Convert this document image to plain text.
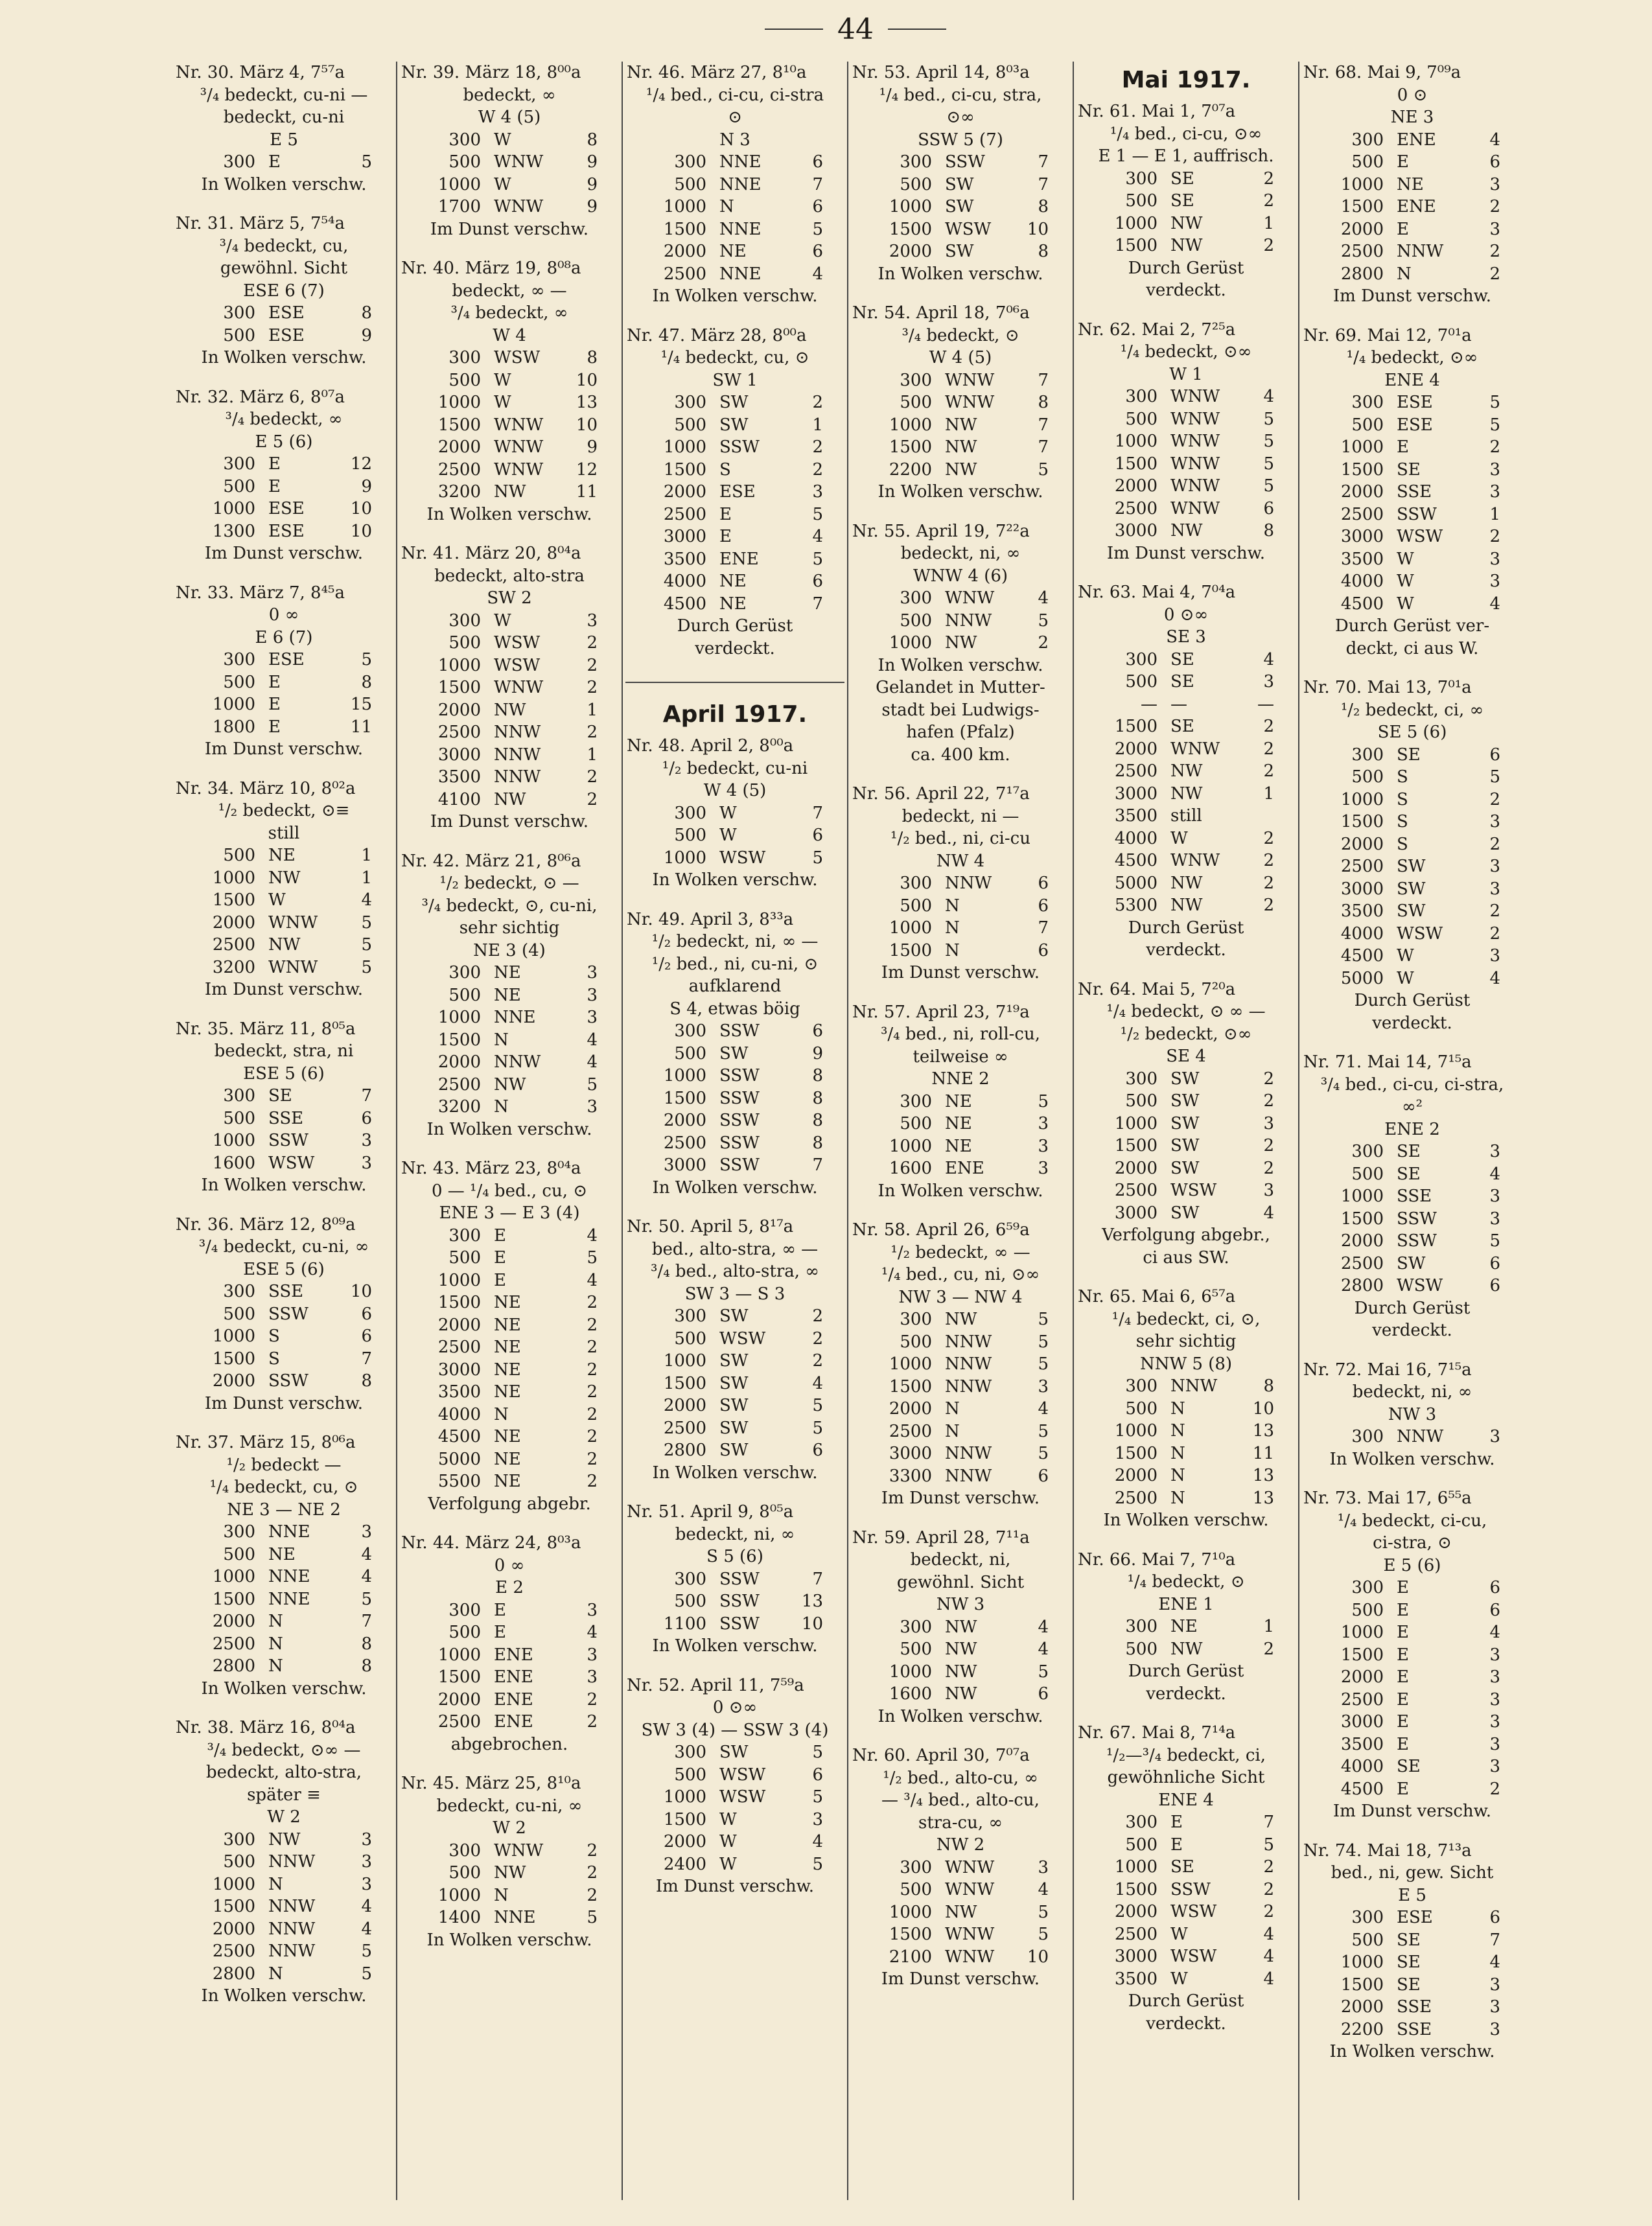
44
Nr. 30. März 4, 7⁵⁷a
³/₄ bedeckt, cu-ni —
bedeckt, cu-ni
E 5
300 E	5
In Wolken verschw.
Nr. 31. März 5, 7⁵⁴a
³/₄ bedeckt, cu,
gewöhnl. Sicht
ESE 6 (7)
300 ESE	8
500 ESE	9
In Wolken verschw.
Nr. 32. März 6, 8⁰⁷a
³/₄ bedeckt, ∞
E 5 (6)
300 E	12
500 E	9
1000 ESE	10
1300 ESE	10
Im Dunst verschw.
Nr. 33. März 7, 8⁴⁵a
0 ∞
E 6 (7)
300 ESE	5
500 E	8
1000 E	15
1800 E	11
Im Dunst verschw.
Nr. 34. März 10, 8⁰²a
¹/₂ bedeckt, ⊙≡
still
500 NE	1
1000 NW	1
1500 W	4
2000 WNW	5
2500 NW	5
3200 WNW	5
Im Dunst verschw.
Nr. 35. März 11, 8⁰⁵a
bedeckt, stra, ni
ESE 5 (6)
300 SE	7
500 SSE	6
1000 SSW	3
1600 WSW	3
In Wolken verschw.
Nr. 36. März 12, 8⁰⁹a
³/₄ bedeckt, cu-ni, ∞
ESE 5 (6)
300 SSE	10
500 SSW	6
1000 S	6
1500 S	7
2000 SSW	8
Im Dunst verschw.
Nr. 37. März 15, 8⁰⁶a
¹/₂ bedeckt —
¹/₄ bedeckt, cu, ⊙
NE 3 — NE 2
300 NNE	3
500 NE	4
1000 NNE	4
1500 NNE	5
2000 N	7
2500 N	8
2800 N	8
In Wolken verschw.
Nr. 38. März 16, 8⁰⁴a
³/₄ bedeckt, ⊙∞ —
bedeckt, alto-stra,
später ≡
W 2
300 NW	3
500 NNW	3
1000 N	3
1500 NNW	4
2000 NNW	4
2500 NNW	5
2800 N	5
In Wolken verschw.
Nr. 39. März 18, 8⁰⁰a
bedeckt, ∞
W 4 (5)
300 W	8
500 WNW	9
1000 W	9
1700 WNW	9
Im Dunst verschw.
Nr. 40. März 19, 8⁰⁸a
bedeckt, ∞ —
³/₄ bedeckt, ∞
W 4
300 WSW	8
500 W	10
1000 W	13
1500 WNW	10
2000 WNW	9
2500 WNW	12
3200 NW	11
In Wolken verschw.
Nr. 41. März 20, 8⁰⁴a
bedeckt, alto-stra
SW 2
300 W	3
500 WSW	2
1000 WSW	2
1500 WNW	2
2000 NW	1
2500 NNW	2
3000 NNW	1
3500 NNW	2
4100 NW	2
Im Dunst verschw.
Nr. 42. März 21, 8⁰⁶a
¹/₂ bedeckt, ⊙ —
³/₄ bedeckt, ⊙, cu-ni,
sehr sichtig
NE 3 (4)
300 NE	3
500 NE	3
1000 NNE	3
1500 N	4
2000 NNW	4
2500 NW	5
3200 N	3
In Wolken verschw.
Nr. 43. März 23, 8⁰⁴a
0 — ¹/₄ bed., cu, ⊙
ENE 3 — E 3 (4)
300 E	4
500 E	5
1000 E	4
1500 NE	2
2000 NE	2
2500 NE	2
3000 NE	2
3500 NE	2
4000 N	2
4500 NE	2
5000 NE	2
5500 NE	2
Verfolgung abgebr.
Nr. 44. März 24, 8⁰³a
0 ∞
E 2
300 E	3
500 E	4
1000 ENE	3
1500 ENE	3
2000 ENE	2
2500 ENE	2
abgebrochen.
Nr. 45. März 25, 8¹⁰a
bedeckt, cu-ni, ∞
W 2
300 WNW	2
500 NW	2
1000 N	2
1400 NNE	5
In Wolken verschw.
Nr. 46. März 27, 8¹⁰a
¹/₄ bed., ci-cu, ci-stra
⊙
N 3
300 NNE	6
500 NNE	7
1000 N	6
1500 NNE	5
2000 NE	6
2500 NNE	4
In Wolken verschw.
Nr. 47. März 28, 8⁰⁰a
¹/₄ bedeckt, cu, ⊙
SW 1
300 SW	2
500 SW	1
1000 SSW	2
1500 S	2
2000 ESE	3
2500 E	5
3000 E	4
3500 ENE	5
4000 NE	6
4500 NE	7
Durch Gerüst
verdeckt.
April 1917.
Nr. 48. April 2, 8⁰⁰a
¹/₂ bedeckt, cu-ni
W 4 (5)
300 W	7
500 W	6
1000 WSW	5
In Wolken verschw.
Nr. 49. April 3, 8³³a
¹/₂ bedeckt, ni, ∞ —
¹/₂ bed., ni, cu-ni, ⊙
aufklarend
S 4, etwas böig
300 SSW	6
500 SW	9
1000 SSW	8
1500 SSW	8
2000 SSW	8
2500 SSW	8
3000 SSW	7
In Wolken verschw.
Nr. 50. April 5, 8¹⁷a
bed., alto-stra, ∞ —
³/₄ bed., alto-stra, ∞
SW 3 — S 3
300 SW	2
500 WSW	2
1000 SW	2
1500 SW	4
2000 SW	5
2500 SW	5
2800 SW	6
In Wolken verschw.
Nr. 51. April 9, 8⁰⁵a
bedeckt, ni, ∞
S 5 (6)
300 SSW	7
500 SSW	13
1100 SSW	10
In Wolken verschw.
Nr. 52. April 11, 7⁵⁹a
0 ⊙∞
SW 3 (4) — SSW 3 (4)
300 SW	5
500 WSW	6
1000 WSW	5
1500 W	3
2000 W	4
2400 W	5
Im Dunst verschw.
Nr. 53. April 14, 8⁰³a
¹/₄ bed., ci-cu, stra,
⊙∞
SSW 5 (7)
300 SSW	7
500 SW	7
1000 SW	8
1500 WSW	10
2000 SW	8
In Wolken verschw.
Nr. 54. April 18, 7⁰⁶a
³/₄ bedeckt, ⊙
W 4 (5)
300 WNW	7
500 WNW	8
1000 NW	7
1500 NW	7
2200 NW	5
In Wolken verschw.
Nr. 55. April 19, 7²²a
bedeckt, ni, ∞
WNW 4 (6)
300 WNW	4
500 NNW	5
1000 NW	2
In Wolken verschw.
Gelandet in Mutter-
stadt bei Ludwigs-
hafen (Pfalz)
ca. 400 km.
Nr. 56. April 22, 7¹⁷a
bedeckt, ni —
¹/₂ bed., ni, ci-cu
NW 4
300 NNW	6
500 N	6
1000 N	7
1500 N	6
Im Dunst verschw.
Nr. 57. April 23, 7¹⁹a
³/₄ bed., ni, roll-cu,
teilweise ∞
NNE 2
300 NE	5
500 NE	3
1000 NE	3
1600 ENE	3
In Wolken verschw.
Nr. 58. April 26, 6⁵⁹a
¹/₂ bedeckt, ∞ —
¹/₄ bed., cu, ni, ⊙∞
NW 3 — NW 4
300 NW	5
500 NNW	5
1000 NNW	5
1500 NNW	3
2000 N	4
2500 N	5
3000 NNW	5
3300 NNW	6
Im Dunst verschw.
Nr. 59. April 28, 7¹¹a
bedeckt, ni,
gewöhnl. Sicht
NW 3
300 NW	4
500 NW	4
1000 NW	5
1600 NW	6
In Wolken verschw.
Nr. 60. April 30, 7⁰⁷a
¹/₂ bed., alto-cu, ∞
— ³/₄ bed., alto-cu,
stra-cu, ∞
NW 2
300 WNW	3
500 WNW	4
1000 NW	5
1500 WNW	5
2100 WNW	10
Im Dunst verschw.
Mai 1917.
Nr. 61. Mai 1, 7⁰⁷a
¹/₄ bed., ci-cu, ⊙∞
E 1 — E 1, auffrisch.
300 SE	2
500 SE	2
1000 NW	1
1500 NW	2
Durch Gerüst
verdeckt.
Nr. 62. Mai 2, 7²⁵a
¹/₄ bedeckt, ⊙∞
W 1
300 WNW	4
500 WNW	5
1000 WNW	5
1500 WNW	5
2000 WNW	5
2500 WNW	6
3000 NW	8
Im Dunst verschw.
Nr. 63. Mai 4, 7⁰⁴a
0 ⊙∞
SE 3
300 SE	4
500 SE	3
— —	—
1500 SE	2
2000 WNW	2
2500 NW	2
3000 NW	1
3500 still
4000 W	2
4500 WNW	2
5000 NW	2
5300 NW	2
Durch Gerüst
verdeckt.
Nr. 64. Mai 5, 7²⁰a
¹/₄ bedeckt, ⊙ ∞ —
¹/₂ bedeckt, ⊙∞
SE 4
300 SW	2
500 SW	2
1000 SW	3
1500 SW	2
2000 SW	2
2500 WSW	3
3000 SW	4
Verfolgung abgebr.,
ci aus SW.
Nr. 65. Mai 6, 6⁵⁷a
¹/₄ bedeckt, ci, ⊙,
sehr sichtig
NNW 5 (8)
300 NNW	8
500 N	10
1000 N	13
1500 N	11
2000 N	13
2500 N	13
In Wolken verschw.
Nr. 66. Mai 7, 7¹⁰a
¹/₄ bedeckt, ⊙
ENE 1
300 NE	1
500 NW	2
Durch Gerüst
verdeckt.
Nr. 67. Mai 8, 7¹⁴a
¹/₂—³/₄ bedeckt, ci,
gewöhnliche Sicht
ENE 4
300 E	7
500 E	5
1000 SE	2
1500 SSW	2
2000 WSW	2
2500 W	4
3000 WSW	4
3500 W	4
Durch Gerüst
verdeckt.
Nr. 68. Mai 9, 7⁰⁹a
0 ⊙
NE 3
300 ENE	4
500 E	6
1000 NE	3
1500 ENE	2
2000 E	3
2500 NNW	2
2800 N	2
Im Dunst verschw.
Nr. 69. Mai 12, 7⁰¹a
¹/₄ bedeckt, ⊙∞
ENE 4
300 ESE	5
500 ESE	5
1000 E	2
1500 SE	3
2000 SSE	3
2500 SSW	1
3000 WSW	2
3500 W	3
4000 W	3
4500 W	4
Durch Gerüst ver-
deckt, ci aus W.
Nr. 70. Mai 13, 7⁰¹a
¹/₂ bedeckt, ci, ∞
SE 5 (6)
300 SE	6
500 S	5
1000 S	2
1500 S	3
2000 S	2
2500 SW	3
3000 SW	3
3500 SW	2
4000 WSW	2
4500 W	3
5000 W	4
Durch Gerüst
verdeckt.
Nr. 71. Mai 14, 7¹⁵a
³/₄ bed., ci-cu, ci-stra,
∞²
ENE 2
300 SE	3
500 SE	4
1000 SSE	3
1500 SSW	3
2000 SSW	5
2500 SW	6
2800 WSW	6
Durch Gerüst
verdeckt.
Nr. 72. Mai 16, 7¹⁵a
bedeckt, ni, ∞
NW 3
300 NNW	3
In Wolken verschw.
Nr. 73. Mai 17, 6⁵⁵a
¹/₄ bedeckt, ci-cu,
ci-stra, ⊙
E 5 (6)
300 E	6
500 E	6
1000 E	4
1500 E	3
2000 E	3
2500 E	3
3000 E	3
3500 E	3
4000 SE	3
4500 E	2
Im Dunst verschw.
Nr. 74. Mai 18, 7¹³a
bed., ni, gew. Sicht
E 5
300 ESE	6
500 SE	7
1000 SE	4
1500 SE	3
2000 SSE	3
2200 SSE	3
In Wolken verschw.
